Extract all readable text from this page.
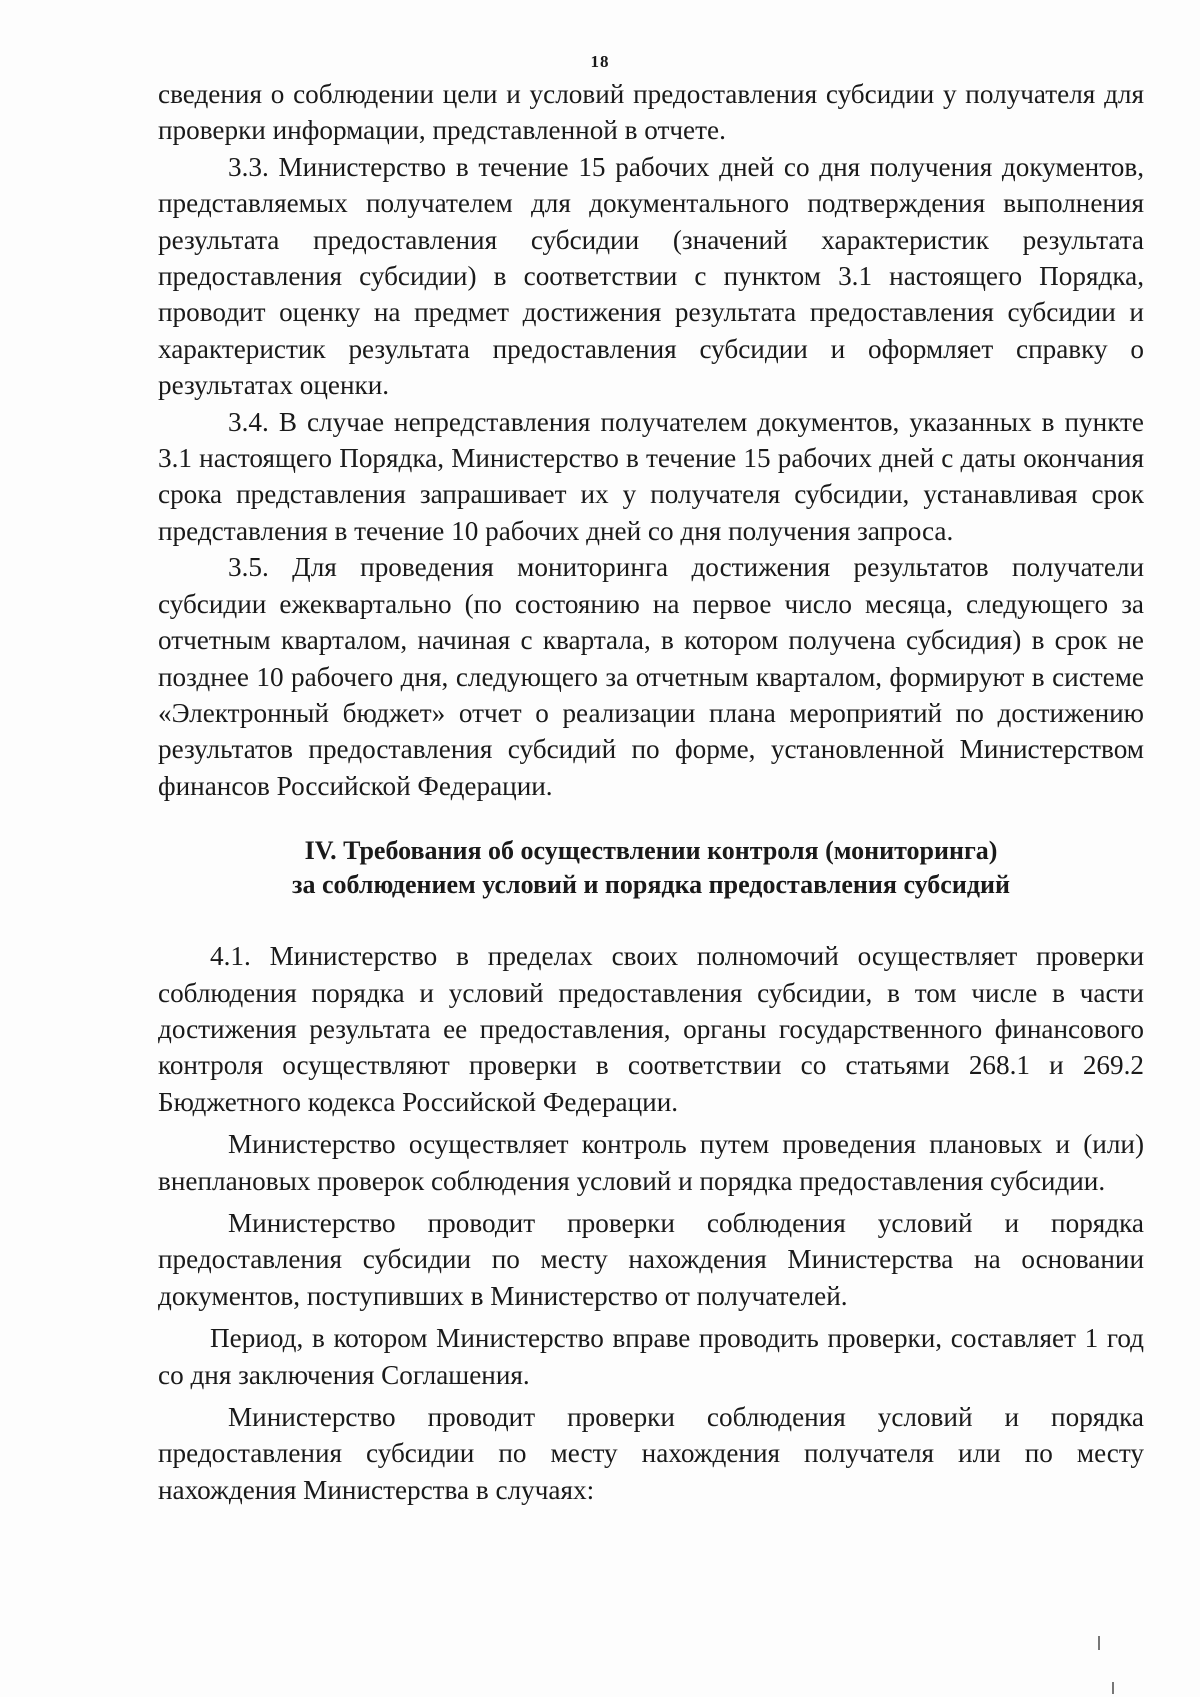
18

сведения о соблюдении цели и условий предоставления субсидии у получателя для проверки информации, представленной в отчете.

3.3. Министерство в течение 15 рабочих дней со дня получения документов, представляемых получателем для документального подтверждения выполнения результата предоставления субсидии (значений характеристик результата предоставления субсидии) в соответствии с пунктом 3.1 настоящего Порядка, проводит оценку на предмет достижения результата предоставления субсидии и характеристик результата предоставления субсидии и оформляет справку о результатах оценки.

3.4. В случае непредставления получателем документов, указанных в пункте 3.1 настоящего Порядка, Министерство в течение 15 рабочих дней с даты окончания срока представления запрашивает их у получателя субсидии, устанавливая срок представления в течение 10 рабочих дней со дня получения запроса.

3.5. Для проведения мониторинга достижения результатов получатели субсидии ежеквартально (по состоянию на первое число месяца, следующего за отчетным кварталом, начиная с квартала, в котором получена субсидия) в срок не позднее 10 рабочего дня, следующего за отчетным кварталом, формируют в системе «Электронный бюджет» отчет о реализации плана мероприятий по достижению результатов предоставления субсидий по форме, установленной Министерством финансов Российской Федерации.

IV. Требования об осуществлении контроля (мониторинга)
за соблюдением условий и порядка предоставления субсидий

4.1. Министерство в пределах своих полномочий осуществляет проверки соблюдения порядка и условий предоставления субсидии, в том числе в части достижения результата ее предоставления, органы государственного финансового контроля осуществляют проверки в соответствии со статьями 268.1 и 269.2 Бюджетного кодекса Российской Федерации.

Министерство осуществляет контроль путем проведения плановых и (или) внеплановых проверок соблюдения условий и порядка предоставления субсидии.

Министерство проводит проверки соблюдения условий и порядка предоставления субсидии по месту нахождения Министерства на основании документов, поступивших в Министерство от получателей.

Период, в котором Министерство вправе проводить проверки, составляет 1 год со дня заключения Соглашения.

Министерство проводит проверки соблюдения условий и порядка предоставления субсидии по месту нахождения получателя или по месту нахождения Министерства в случаях:
